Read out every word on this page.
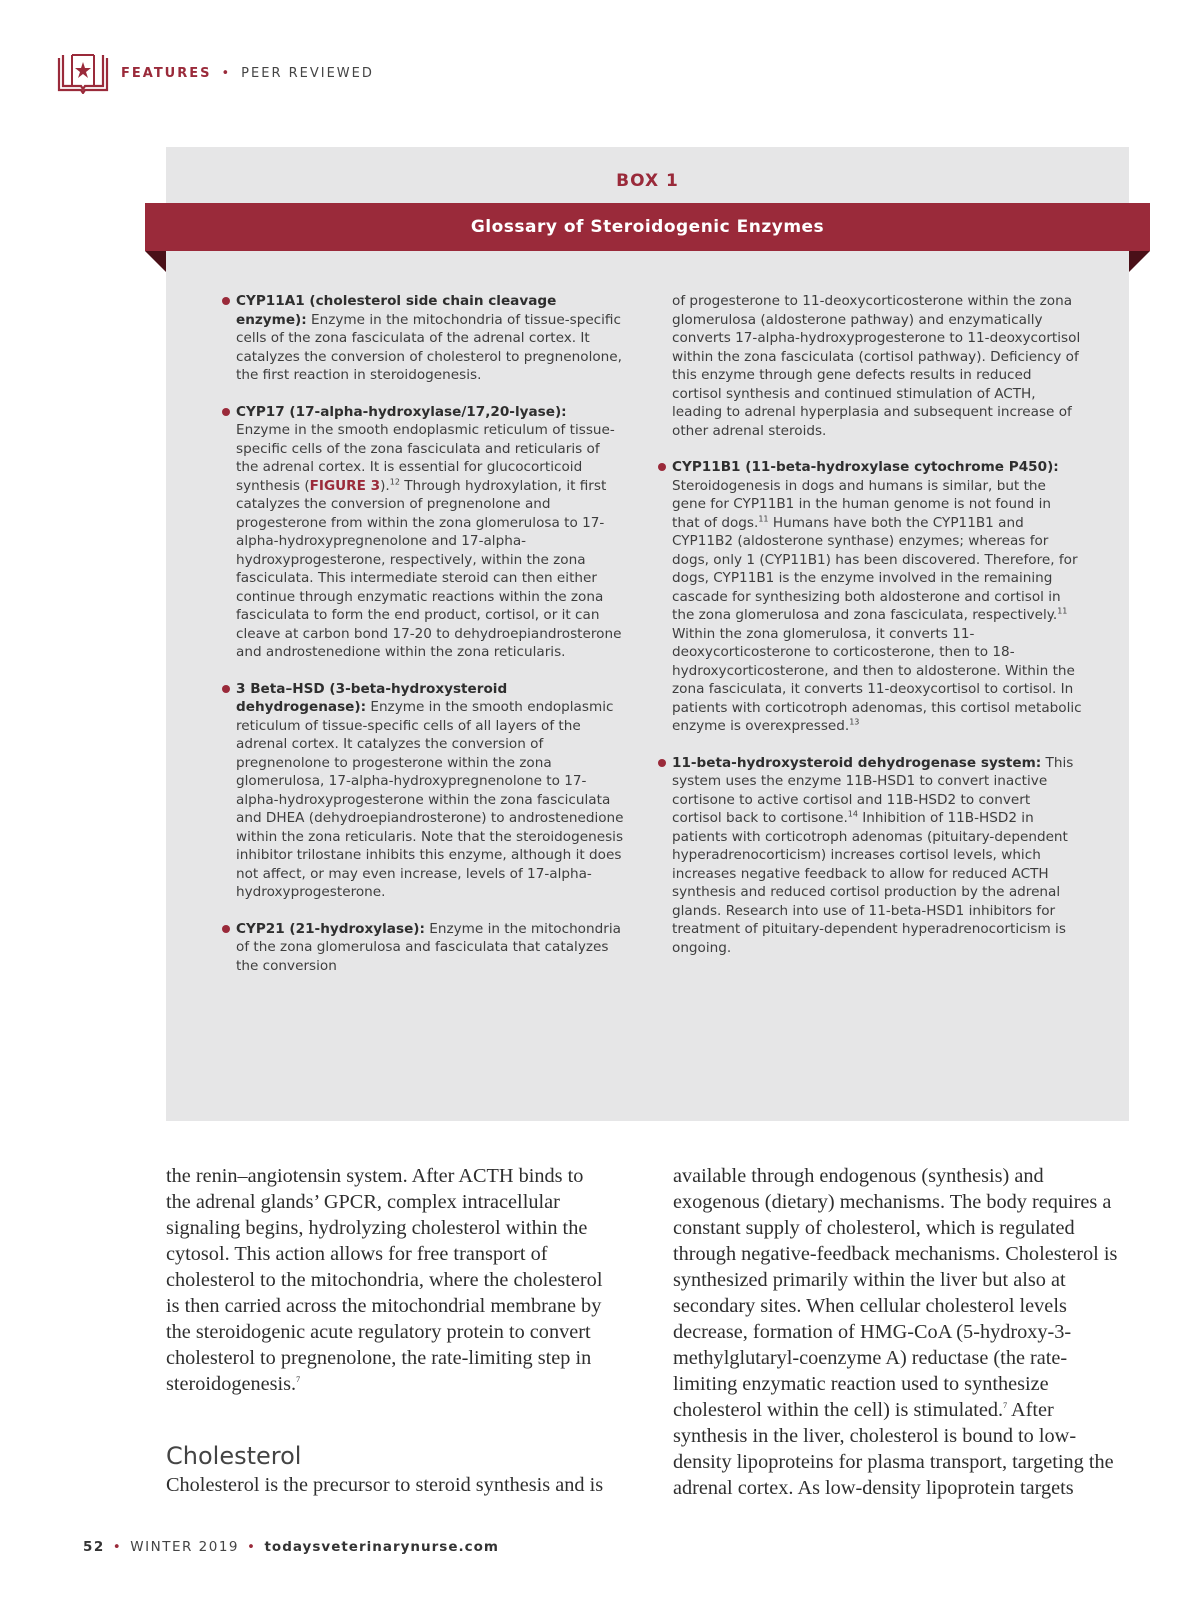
FEATURES • PEER REVIEWED
BOX 1
Glossary of Steroidogenic Enzymes
CYP11A1 (cholesterol side chain cleavage enzyme): Enzyme in the mitochondria of tissue-specific cells of the zona fasciculata of the adrenal cortex. It catalyzes the conversion of cholesterol to pregnenolone, the first reaction in steroidogenesis.
CYP17 (17-alpha-hydroxylase/17,20-lyase): Enzyme in the smooth endoplasmic reticulum of tissue-specific cells of the zona fasciculata and reticularis of the adrenal cortex. It is essential for glucocorticoid synthesis (FIGURE 3).$^{12}$ Through hydroxylation, it first catalyzes the conversion of pregnenolone and progesterone from within the zona glomerulosa to 17-alpha-hydroxypregnenolone and 17-alpha-hydroxyprogesterone, respectively, within the zona fasciculata. This intermediate steroid can then either continue through enzymatic reactions within the zona fasciculata to form the end product, cortisol, or it can cleave at carbon bond 17-20 to dehydroepiandrosterone and androstenedione within the zona reticularis.
3 Beta–HSD (3-beta-hydroxysteroid dehydrogenase): Enzyme in the smooth endoplasmic reticulum of tissue-specific cells of all layers of the adrenal cortex. It catalyzes the conversion of pregnenolone to progesterone within the zona glomerulosa, 17-alpha-hydroxypregnenolone to 17-alpha-hydroxyprogesterone within the zona fasciculata and DHEA (dehydroepiandrosterone) to androstenedione within the zona reticularis. Note that the steroidogenesis inhibitor trilostane inhibits this enzyme, although it does not affect, or may even increase, levels of 17-alpha-hydroxyprogesterone.
CYP21 (21-hydroxylase): Enzyme in the mitochondria of the zona glomerulosa and fasciculata that catalyzes the conversion
of progesterone to 11-deoxycorticosterone within the zona glomerulosa (aldosterone pathway) and enzymatically converts 17-alpha-hydroxyprogesterone to 11-deoxycortisol within the zona fasciculata (cortisol pathway). Deficiency of this enzyme through gene defects results in reduced cortisol synthesis and continued stimulation of ACTH, leading to adrenal hyperplasia and subsequent increase of other adrenal steroids.
CYP11B1 (11-beta-hydroxylase cytochrome P450): Steroidogenesis in dogs and humans is similar, but the gene for CYP11B1 in the human genome is not found in that of dogs.$^{11}$ Humans have both the CYP11B1 and CYP11B2 (aldosterone synthase) enzymes; whereas for dogs, only 1 (CYP11B1) has been discovered. Therefore, for dogs, CYP11B1 is the enzyme involved in the remaining cascade for synthesizing both aldosterone and cortisol in the zona glomerulosa and zona fasciculata, respectively.$^{11}$ Within the zona glomerulosa, it converts 11-deoxycorticosterone to corticosterone, then to 18-hydroxycorticosterone, and then to aldosterone. Within the zona fasciculata, it converts 11-deoxycortisol to cortisol. In patients with corticotroph adenomas, this cortisol metabolic enzyme is overexpressed.$^{13}$
11-beta-hydroxysteroid dehydrogenase system: This system uses the enzyme 11B-HSD1 to convert inactive cortisone to active cortisol and 11B-HSD2 to convert cortisol back to cortisone.$^{14}$ Inhibition of 11B-HSD2 in patients with corticotroph adenomas (pituitary-dependent hyperadrenocorticism) increases cortisol levels, which increases negative feedback to allow for reduced ACTH synthesis and reduced cortisol production by the adrenal glands. Research into use of 11-beta-HSD1 inhibitors for treatment of pituitary-dependent hyperadrenocorticism is ongoing.

the renin–angiotensin system. After ACTH binds to the adrenal glands’ GPCR, complex intracellular signaling begins, hydrolyzing cholesterol within the cytosol. This action allows for free transport of cholesterol to the mitochondria, where the cholesterol is then carried across the mitochondrial membrane by the steroidogenic acute regulatory protein to convert cholesterol to pregnenolone, the rate-limiting step in steroidogenesis.$^7$

Cholesterol
Cholesterol is the precursor to steroid synthesis and is

available through endogenous (synthesis) and exogenous (dietary) mechanisms. The body requires a constant supply of cholesterol, which is regulated through negative-feedback mechanisms. Cholesterol is synthesized primarily within the liver but also at secondary sites. When cellular cholesterol levels decrease, formation of HMG-CoA (5-hydroxy-3-methylglutaryl-coenzyme A) reductase (the rate-limiting enzymatic reaction used to synthesize cholesterol within the cell) is stimulated.$^7$ After synthesis in the liver, cholesterol is bound to low-density lipoproteins for plasma transport, targeting the adrenal cortex. As low-density lipoprotein targets

52 • WINTER 2019 • todaysveterinarynurse.com
